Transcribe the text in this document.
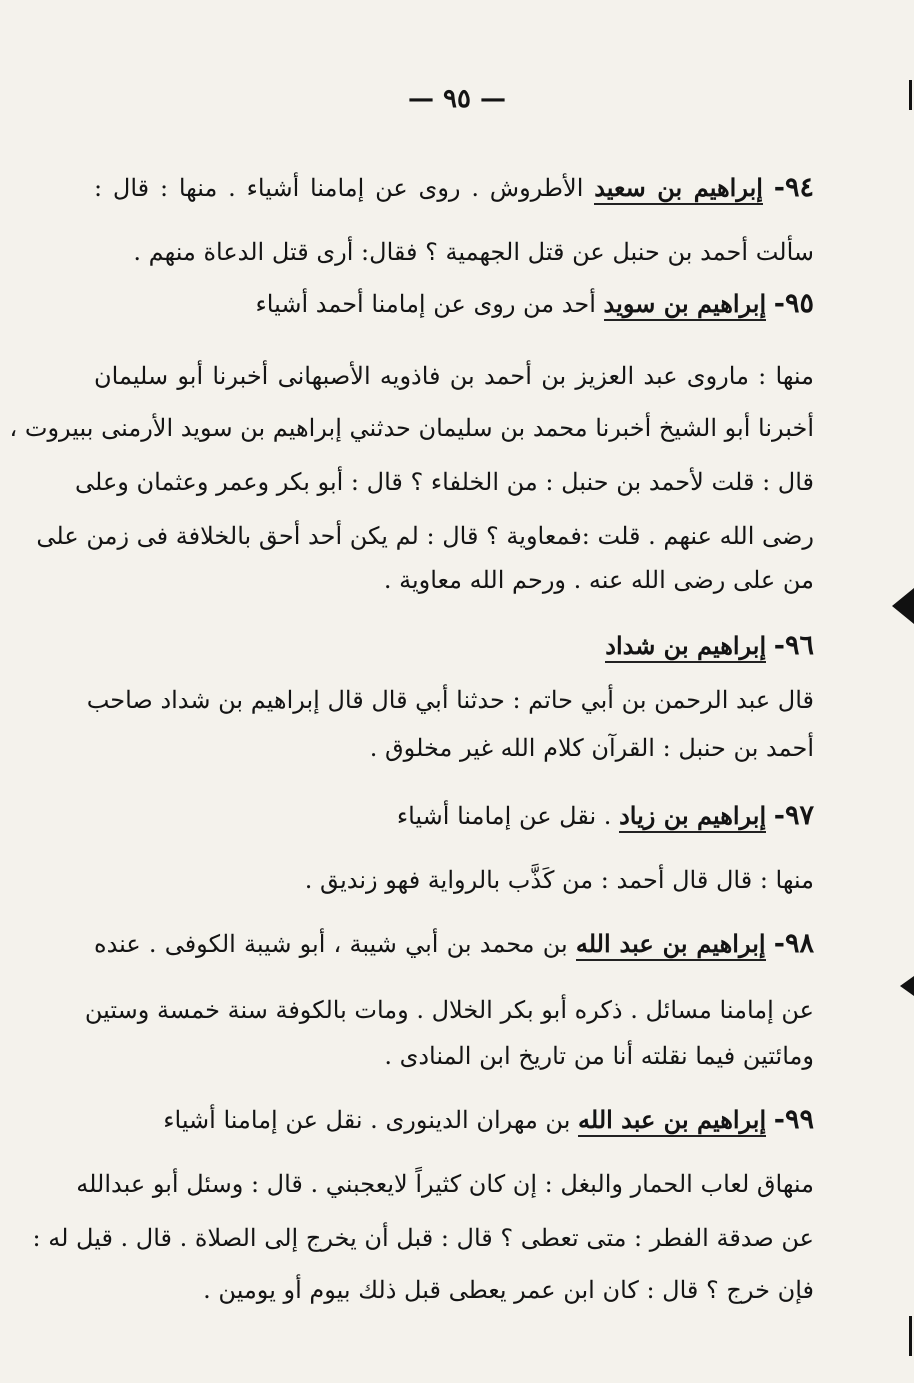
— ٩٥ —
٩٤- إبراهيم بن سعيد الأطروش . روى عن إمامنا أشياء . منها : قال :
سألت أحمد بن حنبل عن قتل الجهمية ؟ فقال: أرى قتل الدعاة منهم .
٩٥- إبراهيم بن سويد أحد من روى عن إمامنا أحمد أشياء
منها : ماروى عبد العزيز بن أحمد بن فاذويه الأصبهانى أخبرنا أبو سليمان
أخبرنا أبو الشيخ أخبرنا محمد بن سليمان حدثني إبراهيم بن سويد الأرمنى ببيروت ،
قال : قلت لأحمد بن حنبل : من الخلفاء ؟ قال : أبو بكر وعمر وعثمان وعلى
رضى الله عنهم . قلت :فمعاوية ؟ قال : لم يكن أحد أحق بالخلافة فى زمن على
من على رضى الله عنه . ورحم الله معاوية .
٩٦- إبراهيم بن شداد
قال عبد الرحمن بن أبي حاتم : حدثنا أبي قال قال إبراهيم بن شداد صاحب
أحمد بن حنبل : القرآن كلام الله غير مخلوق .
٩٧- إبراهيم بن زياد . نقل عن إمامنا أشياء
منها : قال قال أحمد : من كَذَّب بالرواية فهو زنديق .
٩٨- إبراهيم بن عبد الله بن محمد بن أبي شيبة ، أبو شيبة الكوفى . عنده
عن إمامنا مسائل . ذكره أبو بكر الخلال . ومات بالكوفة سنة خمسة وستين
ومائتين فيما نقلته أنا من تاريخ ابن المنادى .
٩٩- إبراهيم بن عبد الله بن مهران الدينورى . نقل عن إمامنا أشياء
منهاق لعاب الحمار والبغل : إن كان كثيراً لايعجبني . قال : وسئل أبو عبدالله
عن صدقة الفطر : متى تعطى ؟ قال : قبل أن يخرج إلى الصلاة . قال . قيل له :
فإن خرج ؟ قال : كان ابن عمر يعطى قبل ذلك بيوم أو يومين .
